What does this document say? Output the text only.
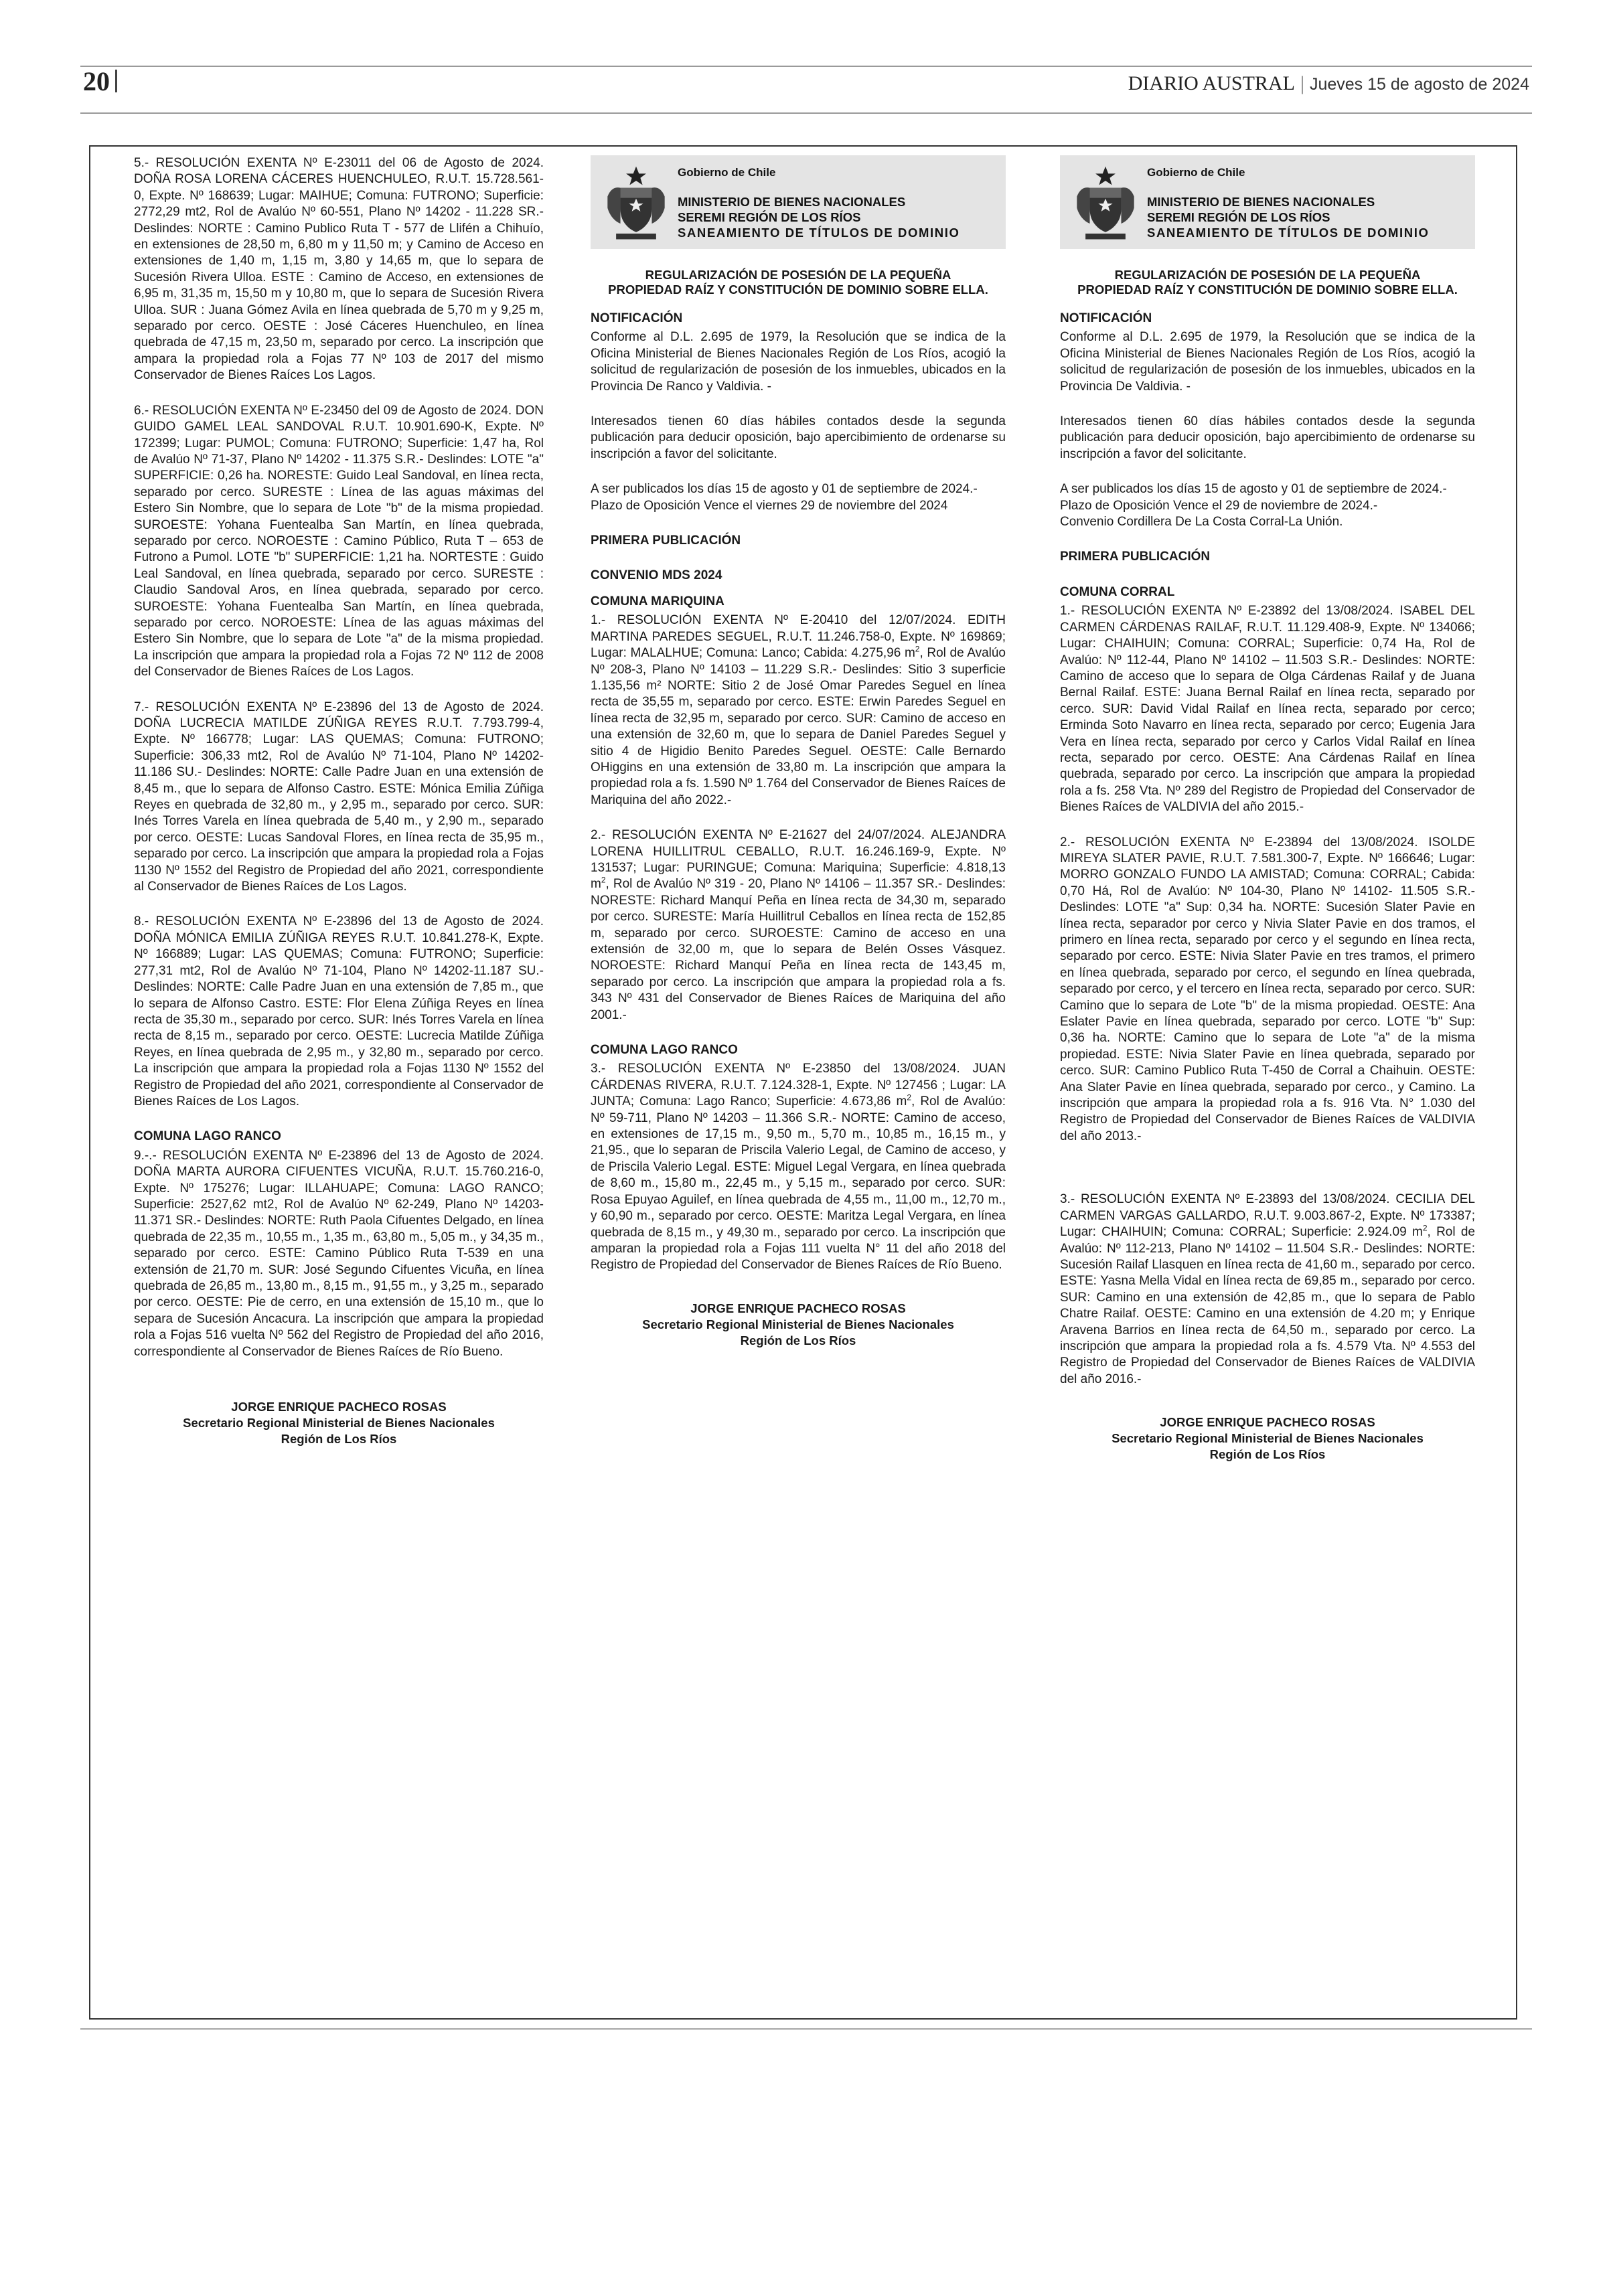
20	DIARIO AUSTRAL | Jueves 15 de agosto de 2024

5.- RESOLUCIÓN EXENTA Nº E-23011 del 06 de Agosto de 2024. DOÑA ROSA LORENA CÁCERES HUENCHULEO, R.U.T. 15.728.561-0, Expte. Nº 168639; Lugar: MAIHUE; Comuna: FUTRONO; Superficie: 2772,29 mt2, Rol de Avalúo Nº 60-551, Plano Nº 14202 - 11.228 SR.- Deslindes: NORTE : Camino Publico Ruta T - 577 de Llifén a Chihuío, en extensiones de 28,50 m, 6,80 m y 11,50 m; y Camino de Acceso en extensiones de 1,40 m, 1,15 m, 3,80 y 14,65 m, que lo separa de Sucesión Rivera Ulloa. ESTE : Camino de Acceso, en extensiones de 6,95 m, 31,35 m, 15,50 m y 10,80 m, que lo separa de Sucesión Rivera Ulloa. SUR : Juana Gómez Avila en línea quebrada de 5,70 m y 9,25 m, separado por cerco. OESTE : José Cáceres Huenchuleo, en línea quebrada de 47,15 m, 23,50 m, separado por cerco. La inscripción que ampara la propiedad rola a Fojas 77 Nº 103 de 2017 del mismo Conservador de Bienes Raíces Los Lagos.

6.- RESOLUCIÓN EXENTA Nº E-23450 del 09 de Agosto de 2024. DON GUIDO GAMEL LEAL SANDOVAL R.U.T. 10.901.690-K, Expte. Nº 172399; Lugar: PUMOL; Comuna: FUTRONO; Superficie: 1,47 ha, Rol de Avalúo Nº 71-37, Plano Nº 14202 - 11.375 S.R.- Deslindes: LOTE "a" SUPERFICIE: 0,26 ha. NORESTE: Guido Leal Sandoval, en línea recta, separado por cerco. SURESTE : Línea de las aguas máximas del Estero Sin Nombre, que lo separa de Lote "b" de la misma propiedad. SUROESTE: Yohana Fuentealba San Martín, en línea quebrada, separado por cerco. NOROESTE : Camino Público, Ruta T – 653 de Futrono a Pumol. LOTE "b" SUPERFICIE: 1,21 ha. NORTESTE : Guido Leal Sandoval, en línea quebrada, separado por cerco. SURESTE : Claudio Sandoval Aros, en línea quebrada, separado por cerco. SUROESTE: Yohana Fuentealba San Martín, en línea quebrada, separado por cerco. NOROESTE: Línea de las aguas máximas del Estero Sin Nombre, que lo separa de Lote "a" de la misma propiedad. La inscripción que ampara la propiedad rola a Fojas 72 Nº 112 de 2008 del Conservador de Bienes Raíces de Los Lagos.

7.- RESOLUCIÓN EXENTA Nº E-23896 del 13 de Agosto de 2024. DOÑA LUCRECIA MATILDE ZÚÑIGA REYES R.U.T. 7.793.799-4, Expte. Nº 166778; Lugar: LAS QUEMAS; Comuna: FUTRONO; Superficie: 306,33 mt2, Rol de Avalúo Nº 71-104, Plano Nº 14202-11.186 SU.- Deslindes: NORTE: Calle Padre Juan en una extensión de 8,45 m., que lo separa de Alfonso Castro. ESTE: Mónica Emilia Zúñiga Reyes en quebrada de 32,80 m., y 2,95 m., separado por cerco. SUR: Inés Torres Varela en línea quebrada de 5,40 m., y 2,90 m., separado por cerco. OESTE: Lucas Sandoval Flores, en línea recta de 35,95 m., separado por cerco. La inscripción que ampara la propiedad rola a Fojas 1130 Nº 1552 del Registro de Propiedad del año 2021, correspondiente al Conservador de Bienes Raíces de Los Lagos.

8.- RESOLUCIÓN EXENTA Nº E-23896 del 13 de Agosto de 2024. DOÑA MÓNICA EMILIA ZÚÑIGA REYES R.U.T. 10.841.278-K, Expte. Nº 166889; Lugar: LAS QUEMAS; Comuna: FUTRONO; Superficie: 277,31 mt2, Rol de Avalúo Nº 71-104, Plano Nº 14202-11.187 SU.- Deslindes: NORTE: Calle Padre Juan en una extensión de 7,85 m., que lo separa de Alfonso Castro. ESTE: Flor Elena Zúñiga Reyes en línea recta de 35,30 m., separado por cerco. SUR: Inés Torres Varela en línea recta de 8,15 m., separado por cerco. OESTE: Lucrecia Matilde Zúñiga Reyes, en línea quebrada de 2,95 m., y 32,80 m., separado por cerco. La inscripción que ampara la propiedad rola a Fojas 1130 Nº 1552 del Registro de Propiedad del año 2021, correspondiente al Conservador de Bienes Raíces de Los Lagos.

COMUNA LAGO RANCO

9.-.- RESOLUCIÓN EXENTA Nº E-23896 del 13 de Agosto de 2024. DOÑA MARTA AURORA CIFUENTES VICUÑA, R.U.T. 15.760.216-0, Expte. Nº 175276; Lugar: ILLAHUAPE; Comuna: LAGO RANCO; Superficie: 2527,62 mt2, Rol de Avalúo Nº 62-249, Plano Nº 14203-11.371 SR.- Deslindes: NORTE: Ruth Paola Cifuentes Delgado, en línea quebrada de 22,35 m., 10,55 m., 1,35 m., 63,80 m., 5,05 m., y 34,35 m., separado por cerco. ESTE: Camino Público Ruta T-539 en una extensión de 21,70 m. SUR: José Segundo Cifuentes Vicuña, en línea quebrada de 26,85 m., 13,80 m., 8,15 m., 91,55 m., y 3,25 m., separado por cerco. OESTE: Pie de cerro, en una extensión de 15,10 m., que lo separa de Sucesión Ancacura. La inscripción que ampara la propiedad rola a Fojas 516 vuelta Nº 562 del Registro de Propiedad del año 2016, correspondiente al Conservador de Bienes Raíces de Río Bueno.

JORGE ENRIQUE PACHECO ROSAS
Secretario Regional Ministerial de Bienes Nacionales
Región de Los Ríos
Gobierno de Chile
MINISTERIO DE BIENES NACIONALES
SEREMI REGIÓN DE LOS RÍOS
SANEAMIENTO DE TÍTULOS DE DOMINIO
REGULARIZACIÓN DE POSESIÓN DE LA PEQUEÑA
PROPIEDAD RAÍZ Y CONSTITUCIÓN DE DOMINIO SOBRE ELLA.
NOTIFICACIÓN

Conforme al D.L. 2.695 de 1979, la Resolución que se indica de la Oficina Ministerial de Bienes Nacionales Región de Los Ríos, acogió la solicitud de regularización de posesión de los inmuebles, ubicados en la Provincia De Ranco y Valdivia. -

Interesados tienen 60 días hábiles contados desde la segunda publicación para deducir oposición, bajo apercibimiento de ordenarse su inscripción a favor del solicitante.

A ser publicados los días 15 de agosto y 01 de septiembre de 2024.-

Plazo de Oposición Vence el viernes 29 de noviembre del 2024

PRIMERA PUBLICACIÓN

CONVENIO MDS 2024

COMUNA MARIQUINA

1.- RESOLUCIÓN EXENTA Nº E-20410 del 12/07/2024. EDITH MARTINA PAREDES SEGUEL, R.U.T. 11.246.758-0, Expte. Nº 169869; Lugar: MALALHUE; Comuna: Lanco; Cabida: 4.275,96 $m^2$, Rol de Avalúo Nº 208-3, Plano Nº 14103 – 11.229 S.R.- Deslindes: Sitio 3 superficie 1.135,56 m² NORTE: Sitio 2 de José Omar Paredes Seguel en línea recta de 35,55 m, separado por cerco. ESTE: Erwin Paredes Seguel en línea recta de 32,95 m, separado por cerco. SUR: Camino de acceso en una extensión de 32,60 m, que lo separa de Daniel Paredes Seguel y sitio 4 de Higidio Benito Paredes Seguel. OESTE: Calle Bernardo OHiggins en una extensión de 33,80 m. La inscripción que ampara la propiedad rola a fs. 1.590 Nº 1.764 del Conservador de Bienes Raíces de Mariquina del año 2022.-

2.- RESOLUCIÓN EXENTA Nº E-21627 del 24/07/2024. ALEJANDRA LORENA HUILLITRUL CEBALLO, R.U.T. 16.246.169-9, Expte. Nº 131537; Lugar: PURINGUE; Comuna: Mariquina; Superficie: 4.818,13 $m^2$, Rol de Avalúo Nº 319 - 20, Plano Nº 14106 – 11.357 SR.- Deslindes: NORESTE: Richard Manquí Peña en línea recta de 34,30 m, separado por cerco. SURESTE: María Huillitrul Ceballos en línea recta de 152,85 m, separado por cerco. SUROESTE: Camino de acceso en una extensión de 32,00 m, que lo separa de Belén Osses Vásquez. NOROESTE: Richard Manquí Peña en línea recta de 143,45 m, separado por cerco. La inscripción que ampara la propiedad rola a fs. 343 Nº 431 del Conservador de Bienes Raíces de Mariquina del año 2001.-

COMUNA LAGO RANCO

3.- RESOLUCIÓN EXENTA Nº E-23850 del 13/08/2024. JUAN CÁRDENAS RIVERA, R.U.T. 7.124.328-1, Expte. Nº 127456 ; Lugar: LA JUNTA; Comuna: Lago Ranco; Superficie: 4.673,86 $m^2$, Rol de Avalúo: Nº 59-711, Plano Nº 14203 – 11.366 S.R.- NORTE: Camino de acceso, en extensiones de 17,15 m., 9,50 m., 5,70 m., 10,85 m., 16,15 m., y 21,95., que lo separan de Priscila Valerio Legal, de Camino de acceso, y de Priscila Valerio Legal. ESTE: Miguel Legal Vergara, en línea quebrada de 8,60 m., 15,80 m., 22,45 m., y 5,15 m., separado por cerco. SUR: Rosa Epuyao Aguilef, en línea quebrada de 4,55 m., 11,00 m., 12,70 m., y 60,90 m., separado por cerco. OESTE: Maritza Legal Vergara, en línea quebrada de 8,15 m., y 49,30 m., separado por cerco. La inscripción que amparan la propiedad rola a Fojas 111 vuelta N° 11 del año 2018 del Registro de Propiedad del Conservador de Bienes Raíces de Río Bueno.

JORGE ENRIQUE PACHECO ROSAS
Secretario Regional Ministerial de Bienes Nacionales
Región de Los Ríos
Gobierno de Chile
MINISTERIO DE BIENES NACIONALES
SEREMI REGIÓN DE LOS RÍOS
SANEAMIENTO DE TÍTULOS DE DOMINIO
REGULARIZACIÓN DE POSESIÓN DE LA PEQUEÑA
PROPIEDAD RAÍZ Y CONSTITUCIÓN DE DOMINIO SOBRE ELLA.
NOTIFICACIÓN

Conforme al D.L. 2.695 de 1979, la Resolución que se indica de la Oficina Ministerial de Bienes Nacionales Región de Los Ríos, acogió la solicitud de regularización de posesión de los inmuebles, ubicados en la Provincia De Valdivia. -

Interesados tienen 60 días hábiles contados desde la segunda publicación para deducir oposición, bajo apercibimiento de ordenarse su inscripción a favor del solicitante.

A ser publicados los días 15 de agosto y 01 de septiembre de 2024.-
Plazo de Oposición Vence el 29 de noviembre de 2024.-

Convenio Cordillera De La Costa Corral-La Unión.

PRIMERA PUBLICACIÓN

COMUNA CORRAL

1.- RESOLUCIÓN EXENTA Nº E-23892 del 13/08/2024. ISABEL DEL CARMEN CÁRDENAS RAILAF, R.U.T. 11.129.408-9, Expte. Nº 134066; Lugar: CHAIHUIN; Comuna: CORRAL; Superficie: 0,74 Ha, Rol de Avalúo: Nº 112-44, Plano Nº 14102 – 11.503 S.R.- Deslindes: NORTE: Camino de acceso que lo separa de Olga Cárdenas Railaf y de Juana Bernal Railaf. ESTE: Juana Bernal Railaf en línea recta, separado por cerco. SUR: David Vidal Railaf en línea recta, separado por cerco; Erminda Soto Navarro en línea recta, separado por cerco; Eugenia Jara Vera en línea recta, separado por cerco y Carlos Vidal Railaf en línea recta, separado por cerco. OESTE: Ana Cárdenas Railaf en línea quebrada, separado por cerco. La inscripción que ampara la propiedad rola a fs. 258 Vta. Nº 289 del Registro de Propiedad del Conservador de Bienes Raíces de VALDIVIA del año 2015.-

2.- RESOLUCIÓN EXENTA Nº E-23894 del 13/08/2024. ISOLDE MIREYA SLATER PAVIE, R.U.T. 7.581.300-7, Expte. Nº 166646; Lugar: MORRO GONZALO FUNDO LA AMISTAD; Comuna: CORRAL; Cabida: 0,70 Há, Rol de Avalúo: Nº 104-30, Plano Nº 14102- 11.505 S.R.- Deslindes: LOTE "a" Sup: 0,34 ha. NORTE: Sucesión Slater Pavie en línea recta, separador por cerco y Nivia Slater Pavie en dos tramos, el primero en línea recta, separado por cerco y el segundo en línea recta, separado por cerco. ESTE: Nivia Slater Pavie en tres tramos, el primero en línea quebrada, separado por cerco, el segundo en línea quebrada, separado por cerco, y el tercero en línea recta, separado por cerco. SUR: Camino que lo separa de Lote "b" de la misma propiedad. OESTE: Ana Eslater Pavie en línea quebrada, separado por cerco. LOTE "b" Sup: 0,36 ha. NORTE: Camino que lo separa de Lote "a" de la misma propiedad. ESTE: Nivia Slater Pavie en línea quebrada, separado por cerco. SUR: Camino Publico Ruta T-450 de Corral a Chaihuin. OESTE: Ana Slater Pavie en línea quebrada, separado por cerco., y Camino. La inscripción que ampara la propiedad rola a fs. 916 Vta. N° 1.030 del Registro de Propiedad del Conservador de Bienes Raíces de VALDIVIA del año 2013.-

3.- RESOLUCIÓN EXENTA Nº E-23893 del 13/08/2024. CECILIA DEL CARMEN VARGAS GALLARDO, R.U.T. 9.003.867-2, Expte. Nº 173387; Lugar: CHAIHUIN; Comuna: CORRAL; Superficie: 2.924.09 $m^2$, Rol de Avalúo: Nº 112-213, Plano Nº 14102 – 11.504 S.R.- Deslindes: NORTE: Sucesión Railaf Llasquen en línea recta de 41,60 m., separado por cerco. ESTE: Yasna Mella Vidal en línea recta de 69,85 m., separado por cerco. SUR: Camino en una extensión de 42,85 m., que lo separa de Pablo Chatre Railaf. OESTE: Camino en una extensión de 4.20 m; y Enrique Aravena Barrios en línea recta de 64,50 m., separado por cerco. La inscripción que ampara la propiedad rola a fs. 4.579 Vta. Nº 4.553 del Registro de Propiedad del Conservador de Bienes Raíces de VALDIVIA del año 2016.-

JORGE ENRIQUE PACHECO ROSAS
Secretario Regional Ministerial de Bienes Nacionales
Región de Los Ríos
